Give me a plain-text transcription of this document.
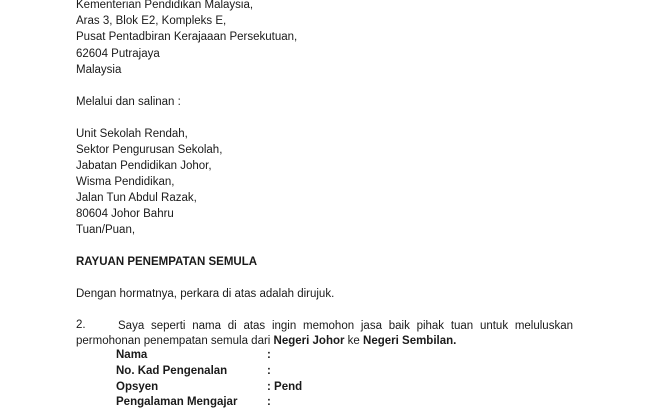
Kementerian Pendidikan Malaysia,
Aras 3, Blok E2, Kompleks E,
Pusat Pentadbiran Kerajaaan Persekutuan,
62604 Putrajaya
Malaysia
Melalui dan salinan :
Unit Sekolah Rendah,
Sektor Pengurusan Sekolah,
Jabatan Pendidikan Johor,
Wisma Pendidikan,
Jalan Tun Abdul Razak,
80604 Johor Bahru
Tuan/Puan,
RAYUAN PENEMPATAN SEMULA
Dengan hormatnya, perkara di atas adalah dirujuk.
2.	Saya seperti nama di atas ingin memohon jasa baik pihak tuan untuk meluluskan
permohonan penempatan semula dari Negeri Johor ke Negeri Sembilan.
Nama	:
No. Kad Pengenalan	:
Opsyen	: Pend
Pengalaman Mengajar	:
